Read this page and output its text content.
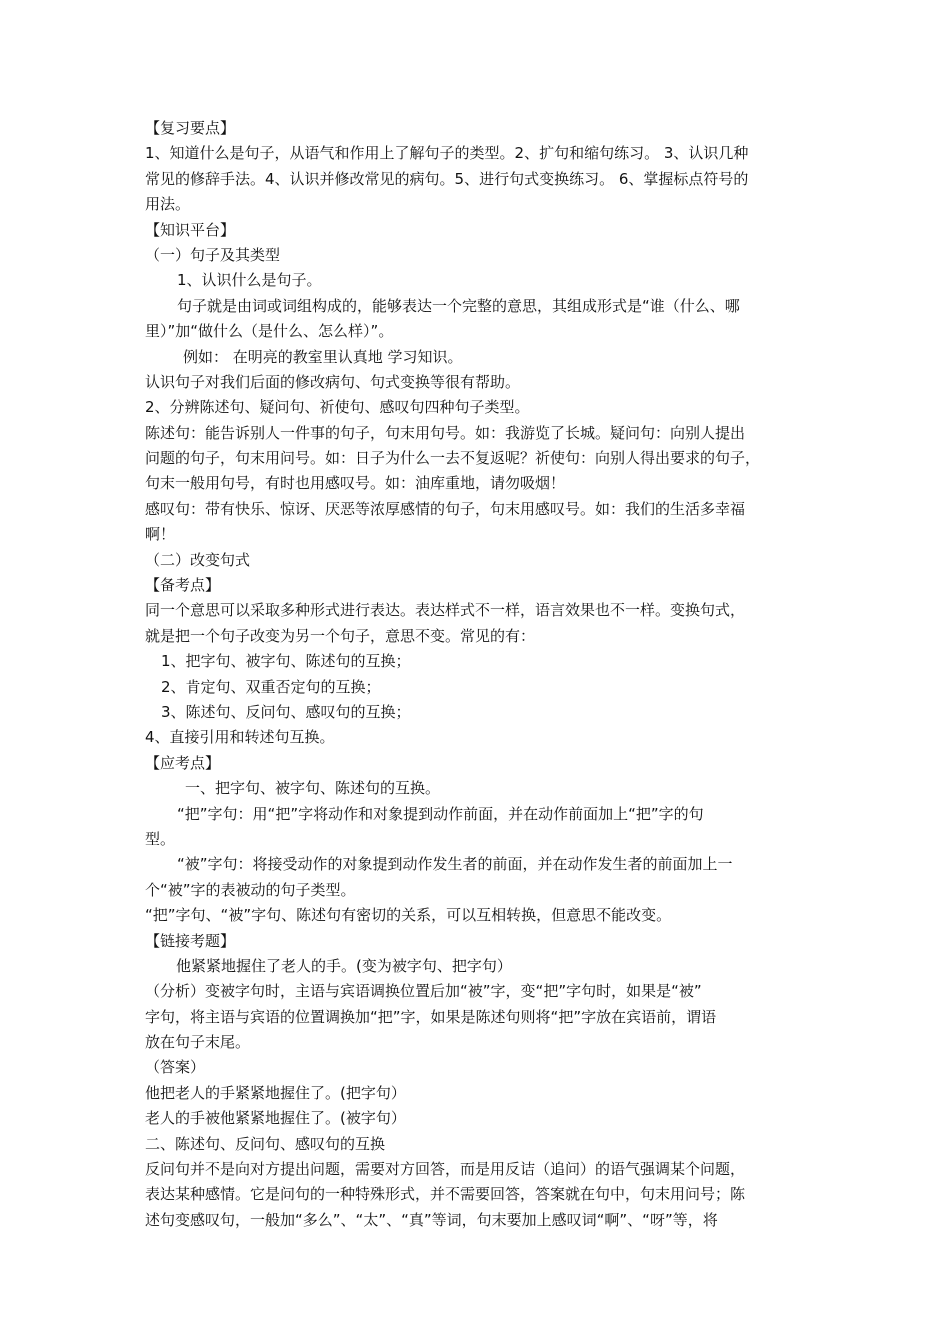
【复习要点】
1、知道什么是句子，从语气和作用上了解句子的类型。2、扩句和缩句练习。 3、认识几种
常见的修辞手法。4、认识并修改常见的病句。5、进行句式变换练习。 6、掌握标点符号的
用法。
【知识平台】
（一）句子及其类型
1、认识什么是句子。
句子就是由词或词组构成的，能够表达一个完整的意思，其组成形式是“谁（什么、哪
里）”加“做什么（是什么、怎么样）”。
例如： 在明亮的教室里认真地 学习知识。
认识句子对我们后面的修改病句、句式变换等很有帮助。
2、分辨陈述句、疑问句、祈使句、感叹句四种句子类型。
陈述句：能告诉别人一件事的句子，句末用句号。如：我游览了长城。疑问句：向别人提出
问题的句子，句末用问号。如：日子为什么一去不复返呢？祈使句：向别人得出要求的句子，
句末一般用句号，有时也用感叹号。如：油库重地，请勿吸烟！
感叹句：带有快乐、惊讶、厌恶等浓厚感情的句子，句末用感叹号。如：我们的生活多幸福
啊！
（二）改变句式
【备考点】
同一个意思可以采取多种形式进行表达。表达样式不一样，语言效果也不一样。变换句式，
就是把一个句子改变为另一个句子，意思不变。常见的有：
1、把字句、被字句、陈述句的互换；
2、肯定句、双重否定句的互换；
3、陈述句、反问句、感叹句的互换；
4、直接引用和转述句互换。
【应考点】
一、把字句、被字句、陈述句的互换。
“把”字句：用“把”字将动作和对象提到动作前面，并在动作前面加上“把”字的句
型。
“被”字句：将接受动作的对象提到动作发生者的前面，并在动作发生者的前面加上一
个“被”字的表被动的句子类型。
“把”字句、“被”字句、陈述句有密切的关系，可以互相转换，但意思不能改变。
【链接考题】
他紧紧地握住了老人的手。(变为被字句、把字句）
（分析）变被字句时，主语与宾语调换位置后加“被”字，变“把”字句时，如果是“被”
字句，将主语与宾语的位置调换加“把”字，如果是陈述句则将“把”字放在宾语前，谓语
放在句子末尾。
（答案）
他把老人的手紧紧地握住了。(把字句）
老人的手被他紧紧地握住了。(被字句）
二、陈述句、反问句、感叹句的互换
反问句并不是向对方提出问题，需要对方回答，而是用反诘（追问）的语气强调某个问题，
表达某种感情。它是问句的一种特殊形式，并不需要回答，答案就在句中，句末用问号；陈
述句变感叹句，一般加“多么”、“太”、“真”等词，句末要加上感叹词“啊”、“呀”等，将
